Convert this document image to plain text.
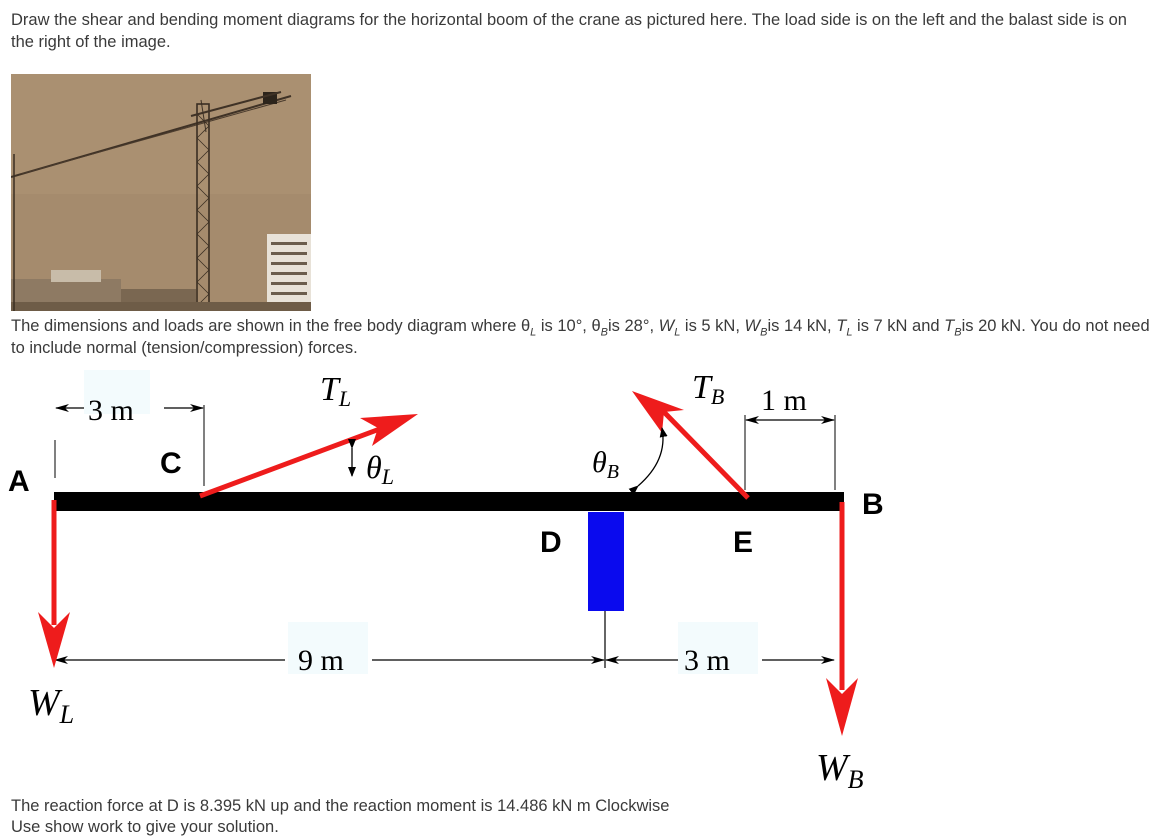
Draw the shear and bending moment diagrams for the horizontal boom of the crane as pictured here. The load side is on the left and the balast side is on the right of the image.

The dimensions and loads are shown in the free body diagram where $\theta_L$ is 10°, $\theta_Bis$ 28°, $W_L$ is 5 kN, $W_Bis$ 14 kN, $T_L$ is 7 kN and $T_Bis$ 20 kN. You do not need to include normal (tension/compression) forces.

3 m	1 m
9 m	3 m
A
B
C
D	E
TL	TB
θL	$\theta_B$
$W_L$
$W_B$
The reaction force at D is 8.395 kN up and the reaction moment is 14.486 kN m Clockwise
Use show work to give your solution.
